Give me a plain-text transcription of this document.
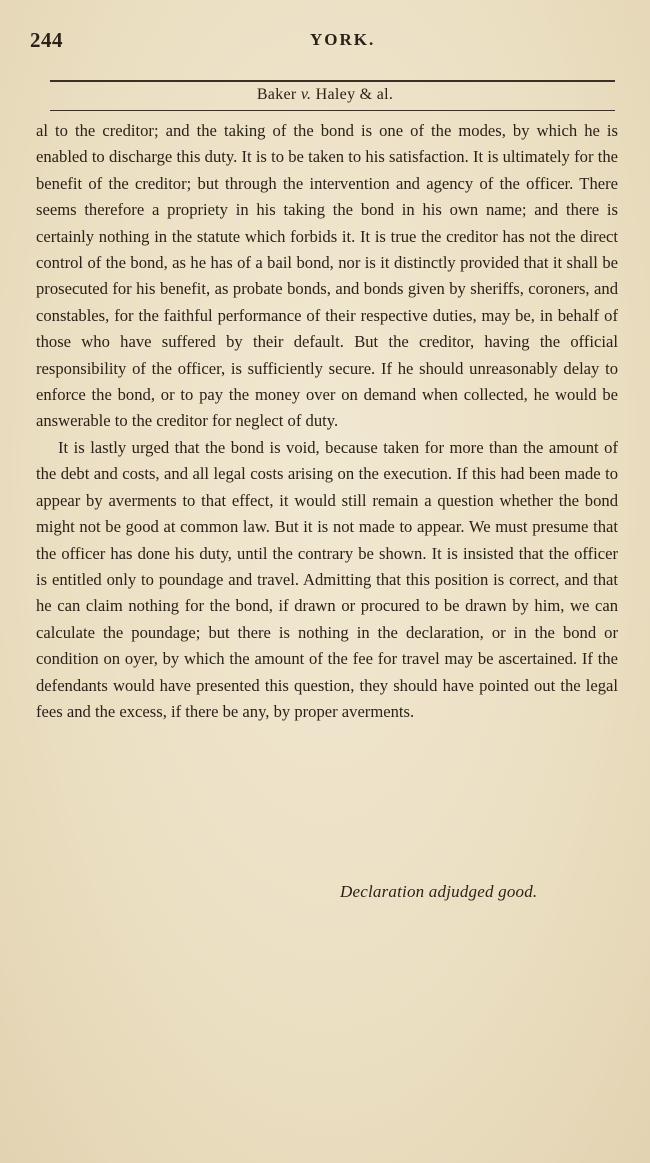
244	YORK.
Baker v. Haley & al.

al to the creditor; and the taking of the bond is one of the modes, by which he is enabled to discharge this duty. It is to be taken to his satisfaction. It is ultimately for the benefit of the creditor; but through the intervention and agency of the officer. There seems therefore a propriety in his taking the bond in his own name; and there is certainly nothing in the statute which forbids it. It is true the creditor has not the direct control of the bond, as he has of a bail bond, nor is it distinctly provided that it shall be prosecuted for his benefit, as probate bonds, and bonds given by sheriffs, coroners, and constables, for the faithful performance of their respective duties, may be, in behalf of those who have suffered by their default. But the creditor, having the official responsibility of the officer, is sufficiently secure. If he should unreasonably delay to enforce the bond, or to pay the money over on demand when collected, he would be answerable to the creditor for neglect of duty.

It is lastly urged that the bond is void, because taken for more than the amount of the debt and costs, and all legal costs arising on the execution. If this had been made to appear by averments to that effect, it would still remain a question whether the bond might not be good at common law. But it is not made to appear. We must presume that the officer has done his duty, until the contrary be shown. It is insisted that the officer is entitled only to poundage and travel. Admitting that this position is correct, and that he can claim nothing for the bond, if drawn or procured to be drawn by him, we can calculate the poundage; but there is nothing in the declaration, or in the bond or condition on oyer, by which the amount of the fee for travel may be ascertained. If the defendants would have presented this question, they should have pointed out the legal fees and the excess, if there be any, by proper averments.

Declaration adjudged good.
